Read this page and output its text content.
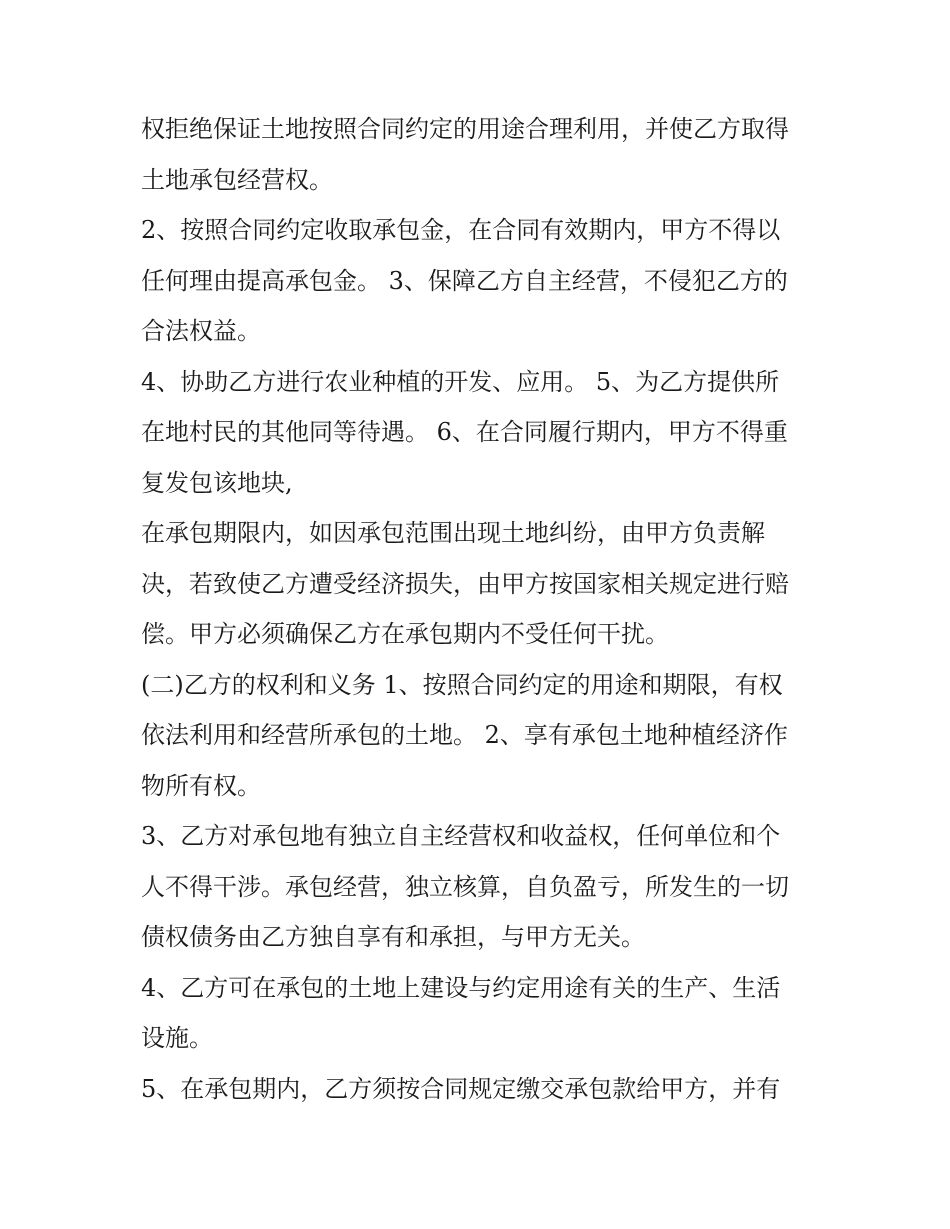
权拒绝保证土地按照合同约定的用途合理利用，并使乙方取得
土地承包经营权。
2、按照合同约定收取承包金，在合同有效期内，甲方不得以
任何理由提高承包金。 3、保障乙方自主经营，不侵犯乙方的
合法权益。
4、协助乙方进行农业种植的开发、应用。 5、为乙方提供所
在地村民的其他同等待遇。 6、在合同履行期内，甲方不得重
复发包该地块,
在承包期限内，如因承包范围出现土地纠纷，由甲方负责解
决，若致使乙方遭受经济损失，由甲方按国家相关规定进行赔
偿。甲方必须确保乙方在承包期内不受任何干扰。
(二)乙方的权利和义务 1、按照合同约定的用途和期限，有权
依法利用和经营所承包的土地。 2、享有承包土地种植经济作
物所有权。
3、乙方对承包地有独立自主经营权和收益权，任何单位和个
人不得干涉。承包经营，独立核算，自负盈亏，所发生的一切
债权债务由乙方独自享有和承担，与甲方无关。
4、乙方可在承包的土地上建设与约定用途有关的生产、生活
设施。
5、在承包期内，乙方须按合同规定缴交承包款给甲方，并有
